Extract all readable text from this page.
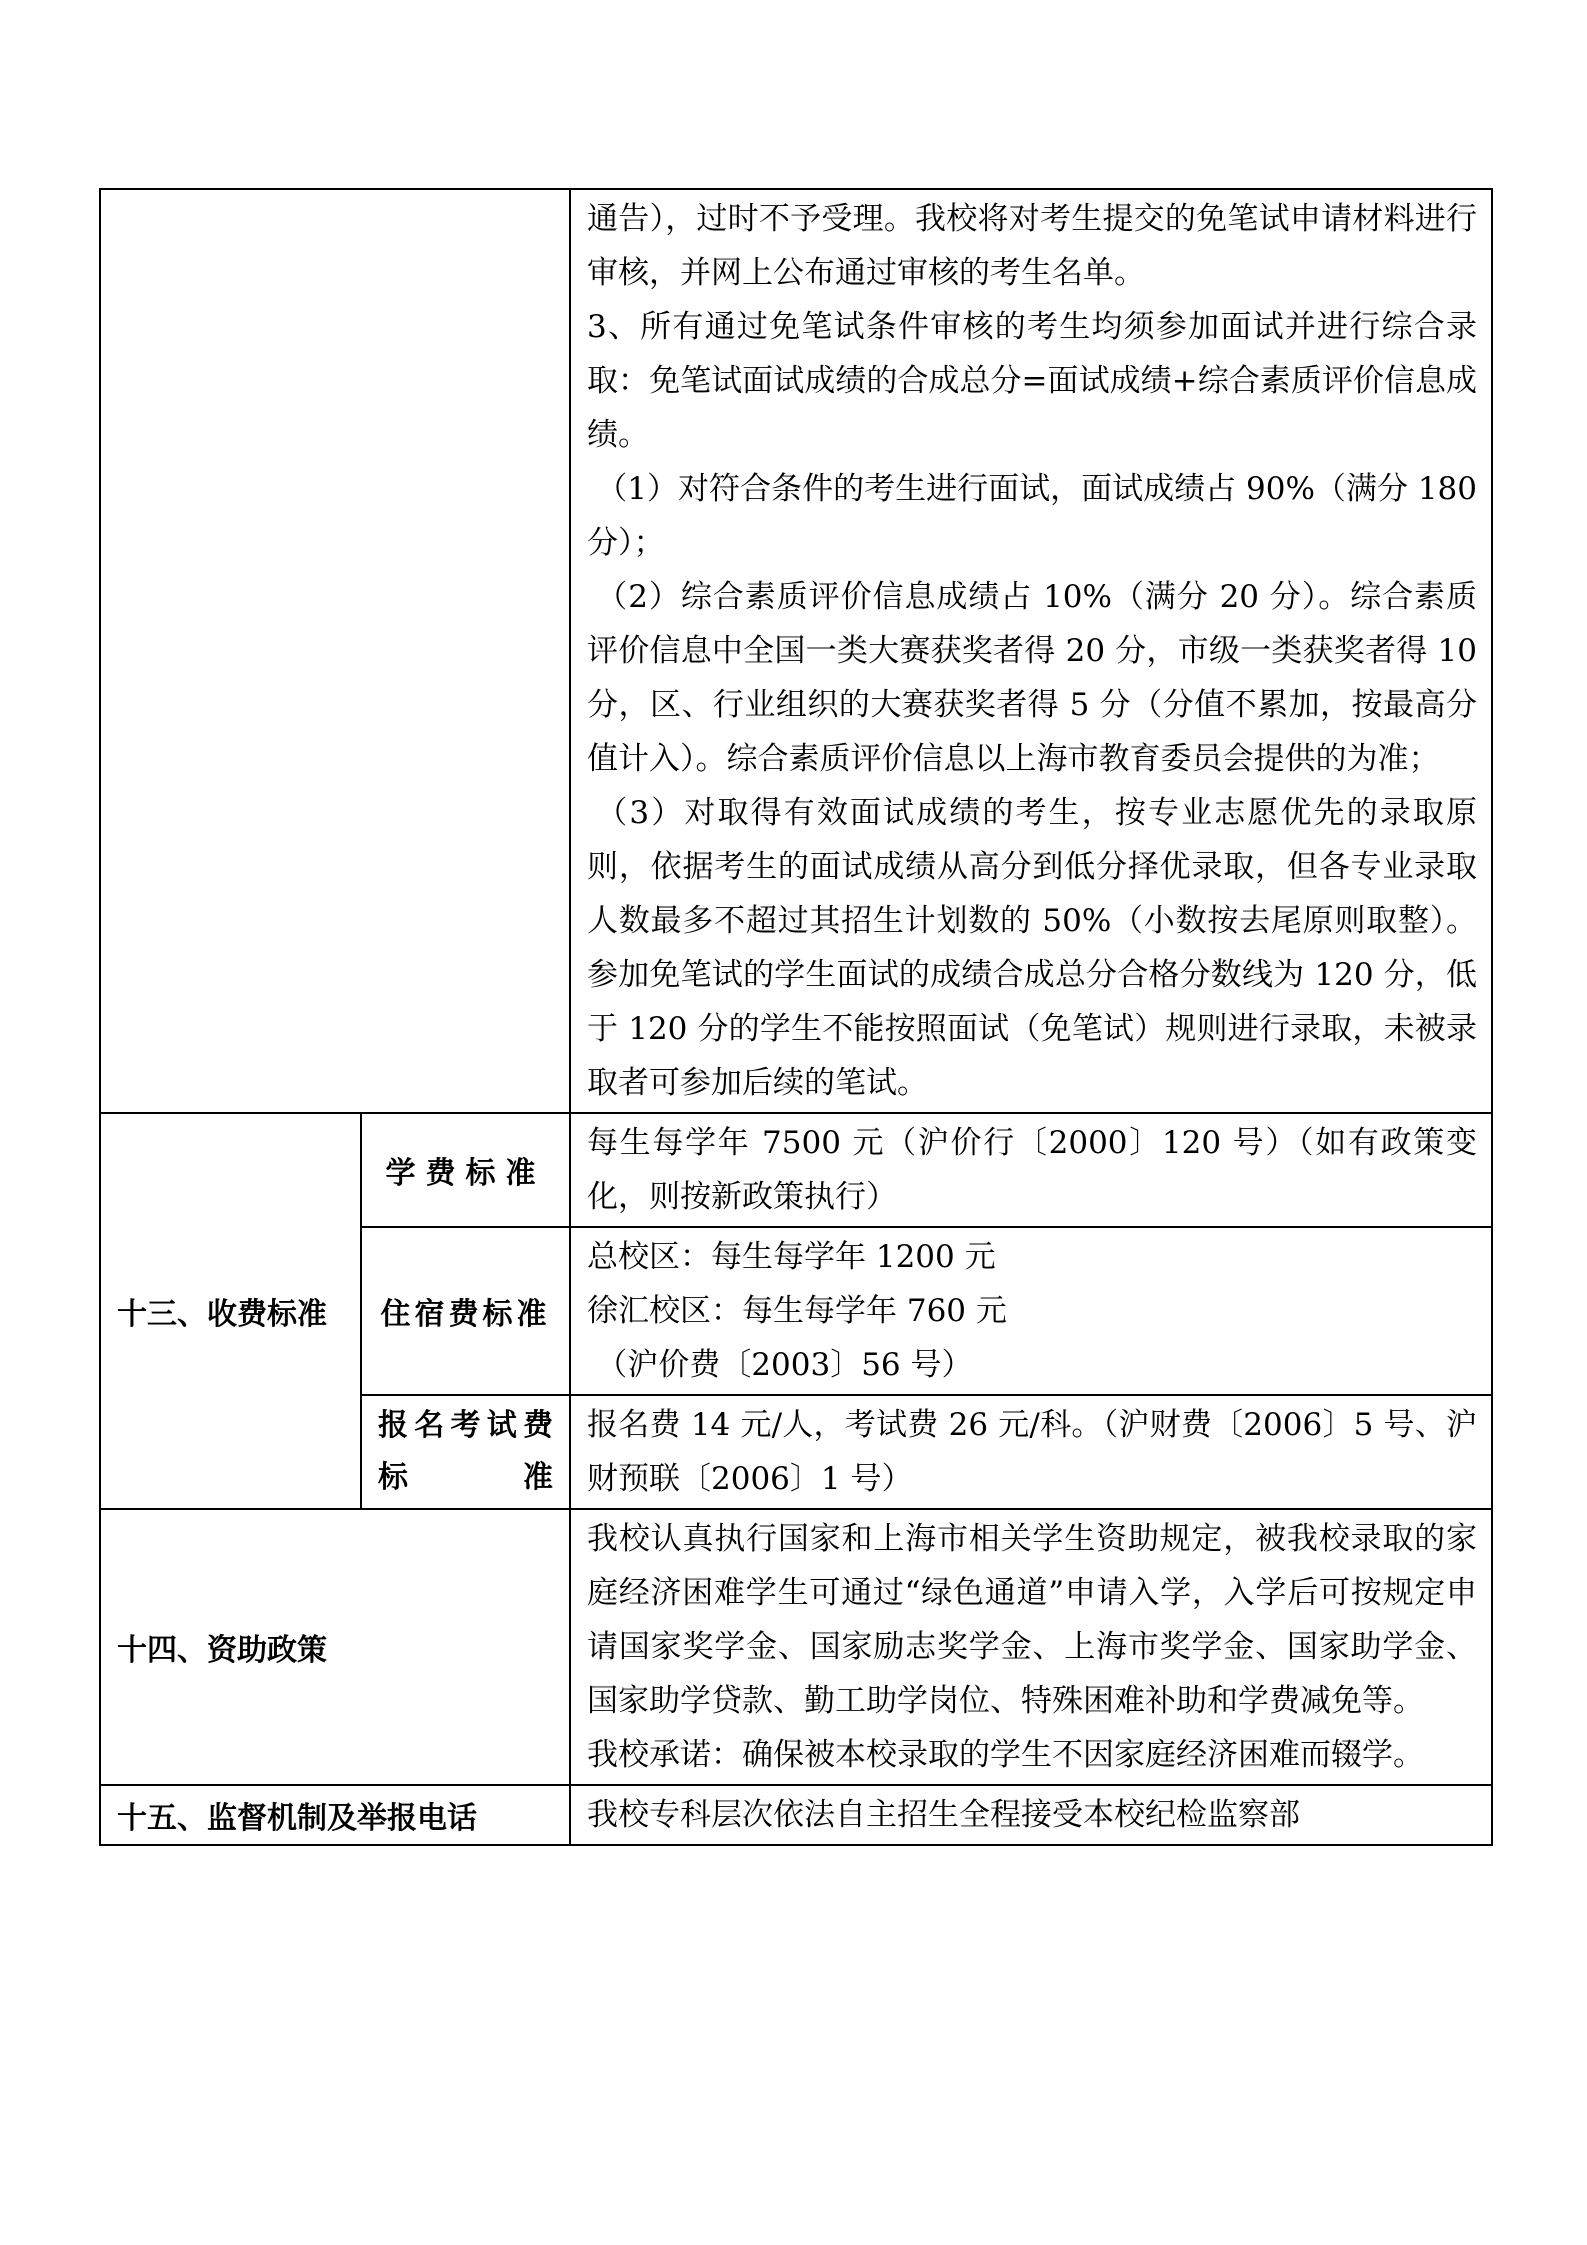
		通告），过时不予受理。我校将对考生提交的免笔试申请材料进行审核，并网上公布通过审核的考生名单。

3、所有通过免笔试条件审核的考生均须参加面试并进行综合录取：免笔试面试成绩的合成总分=面试成绩+综合素质评价信息成绩。

（1）对符合条件的考生进行面试，面试成绩占 90%（满分 180 分）；

（2）综合素质评价信息成绩占 10%（满分 20 分）。综合素质评价信息中全国一类大赛获奖者得 20 分，市级一类获奖者得 10 分，区、行业组织的大赛获奖者得 5 分（分值不累加，按最高分值计入）。综合素质评价信息以上海市教育委员会提供的为准；

（3）对取得有效面试成绩的考生，按专业志愿优先的录取原则，依据考生的面试成绩从高分到低分择优录取，但各专业录取人数最多不超过其招生计划数的 50%（小数按去尾原则取整）。参加免笔试的学生面试的成绩合成总分合格分数线为 120 分，低于 120 分的学生不能按照面试（免笔试）规则进行录取，未被录取者可参加后续的笔试。

十三、收费标准	学费标准	每生每学年 7500 元（沪价行〔2000〕120 号）（如有政策变化，则按新政策执行）
	住宿费标准	总校区：每生每学年 1200 元

徐汇校区：每生每学年 760 元

（沪价费〔2003〕56 号）

	报名考试费标准	报名费 14 元/人，考试费 26 元/科。（沪财费〔2006〕5 号、沪财预联〔2006〕1 号）
十四、资助政策		我校认真执行国家和上海市相关学生资助规定，被我校录取的家庭经济困难学生可通过“绿色通道”申请入学，入学后可按规定申请国家奖学金、国家励志奖学金、上海市奖学金、国家助学金、国家助学贷款、勤工助学岗位、特殊困难补助和学费减免等。

我校承诺：确保被本校录取的学生不因家庭经济困难而辍学。

十五、监督机制及举报电话		我校专科层次依法自主招生全程接受本校纪检监察部
